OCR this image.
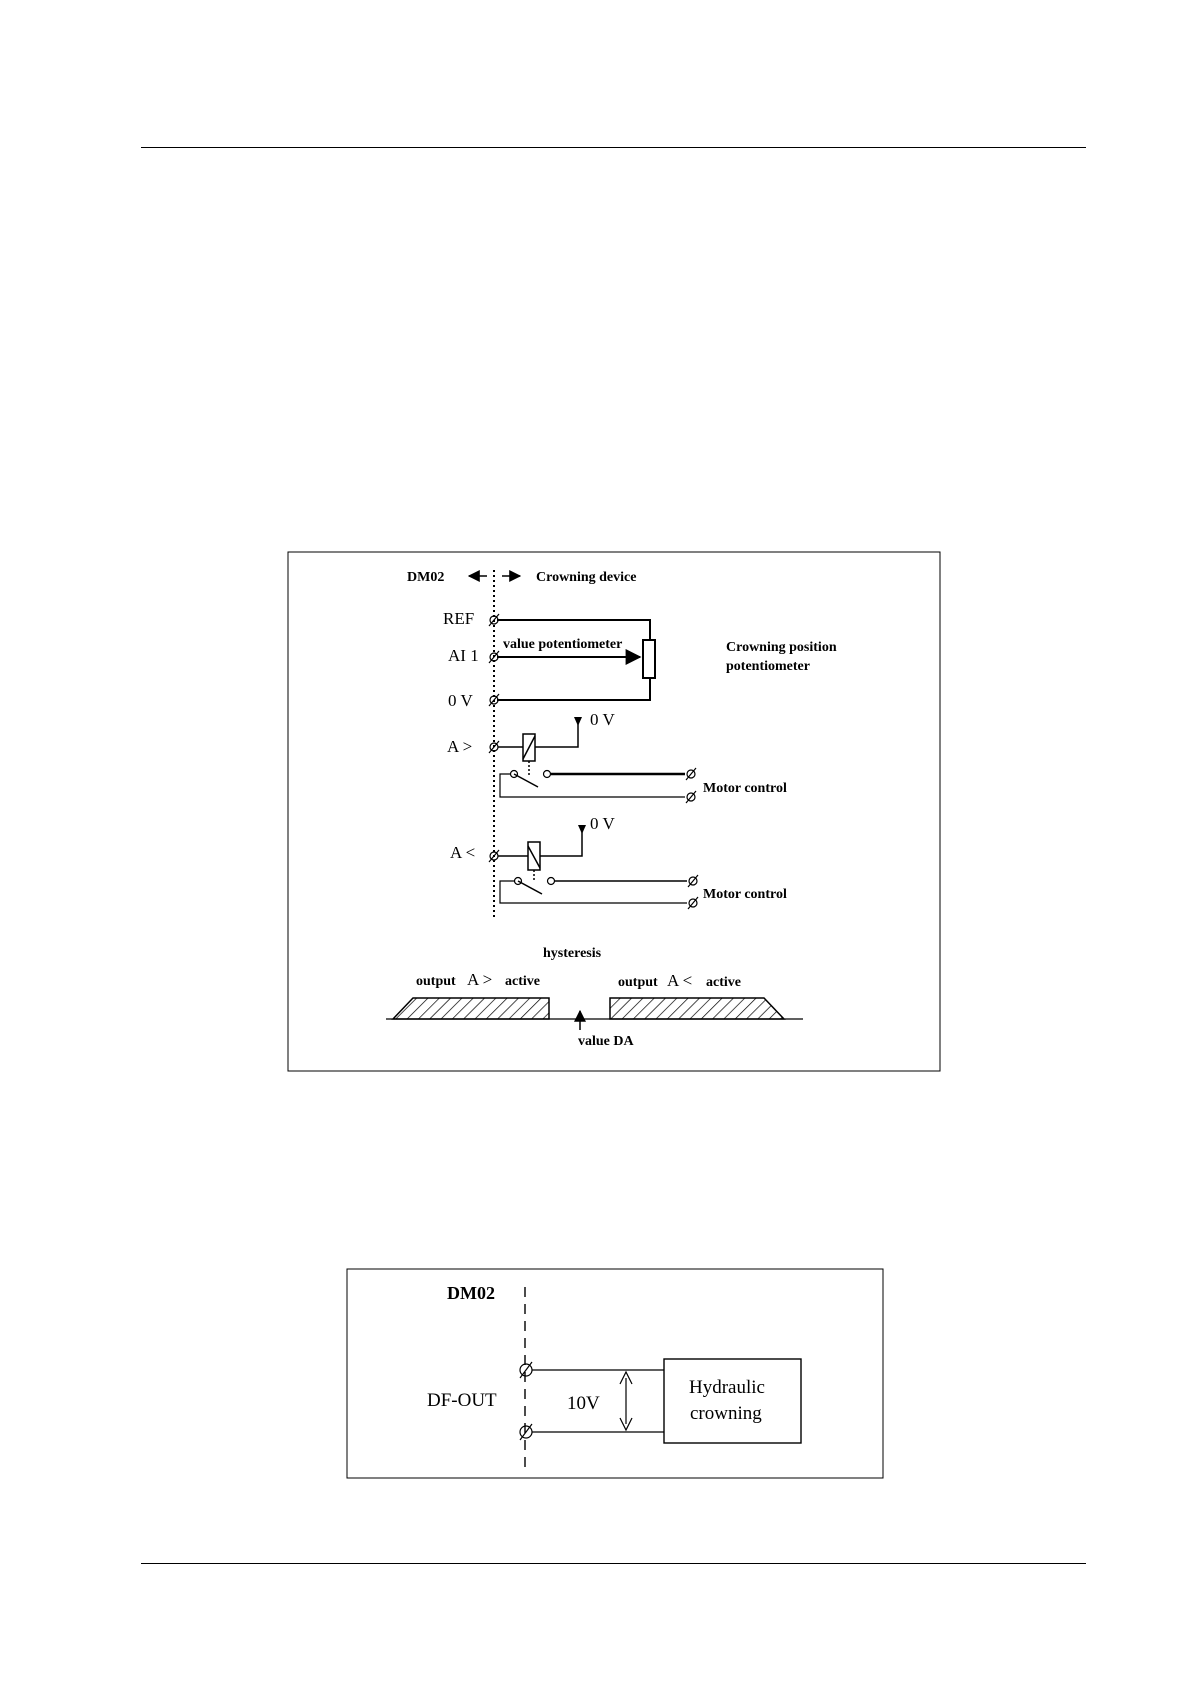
DM02	Crowning device
REF
AI 1
0 V
value potentiometer	Crowning position
potentiometer
A >
0 V
Motor control
A <
0 V
Motor control
hysteresis
output A > active	output A < active
value DA
DM02
DF-OUT	10V
Hydraulic
crowning
